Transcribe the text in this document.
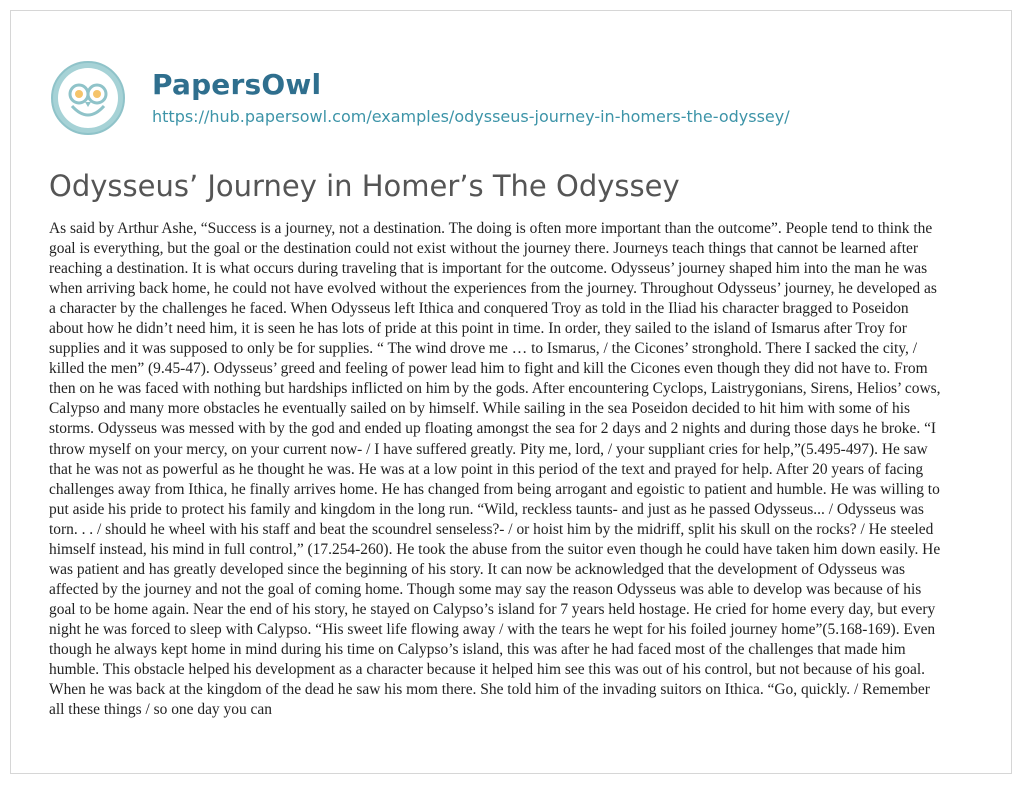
PapersOwl
https://hub.papersowl.com/examples/odysseus-journey-in-homers-the-odyssey/
Odysseus’ Journey in Homer’s The Odyssey
As said by Arthur Ashe, “Success is a journey, not a destination. The doing is often more important than the outcome”. People tend to think the
goal is everything, but the goal or the destination could not exist without the journey there. Journeys teach things that cannot be learned after
reaching a destination. It is what occurs during traveling that is important for the outcome. Odysseus’ journey shaped him into the man he was
when arriving back home, he could not have evolved without the experiences from the journey. Throughout Odysseus’ journey, he developed as
a character by the challenges he faced. When Odysseus left Ithica and conquered Troy as told in the Iliad his character bragged to Poseidon
about how he didn’t need him, it is seen he has lots of pride at this point in time. In order, they sailed to the island of Ismarus after Troy for
supplies and it was supposed to only be for supplies. “ The wind drove me … to Ismarus, / the Cicones’ stronghold. There I sacked the city, /
killed the men” (9.45-47). Odysseus’ greed and feeling of power lead him to fight and kill the Cicones even though they did not have to. From
then on he was faced with nothing but hardships inflicted on him by the gods. After encountering Cyclops, Laistrygonians, Sirens, Helios’ cows,
Calypso and many more obstacles he eventually sailed on by himself. While sailing in the sea Poseidon decided to hit him with some of his
storms. Odysseus was messed with by the god and ended up floating amongst the sea for 2 days and 2 nights and during those days he broke. “I
throw myself on your mercy, on your current now- / I have suffered greatly. Pity me, lord, / your suppliant cries for help,”(5.495-497). He saw
that he was not as powerful as he thought he was. He was at a low point in this period of the text and prayed for help. After 20 years of facing
challenges away from Ithica, he finally arrives home. He has changed from being arrogant and egoistic to patient and humble. He was willing to
put aside his pride to protect his family and kingdom in the long run. “Wild, reckless taunts- and just as he passed Odysseus... / Odysseus was
torn. . . / should he wheel with his staff and beat the scoundrel senseless?- / or hoist him by the midriff, split his skull on the rocks? / He steeled
himself instead, his mind in full control,” (17.254-260). He took the abuse from the suitor even though he could have taken him down easily. He
was patient and has greatly developed since the beginning of his story. It can now be acknowledged that the development of Odysseus was
affected by the journey and not the goal of coming home. Though some may say the reason Odysseus was able to develop was because of his
goal to be home again. Near the end of his story, he stayed on Calypso’s island for 7 years held hostage. He cried for home every day, but every
night he was forced to sleep with Calypso. “His sweet life flowing away / with the tears he wept for his foiled journey home”(5.168-169). Even
though he always kept home in mind during his time on Calypso’s island, this was after he had faced most of the challenges that made him
humble. This obstacle helped his development as a character because it helped him see this was out of his control, but not because of his goal.
When he was back at the kingdom of the dead he saw his mom there. She told him of the invading suitors on Ithica. “Go, quickly. / Remember
all these things / so one day you can
